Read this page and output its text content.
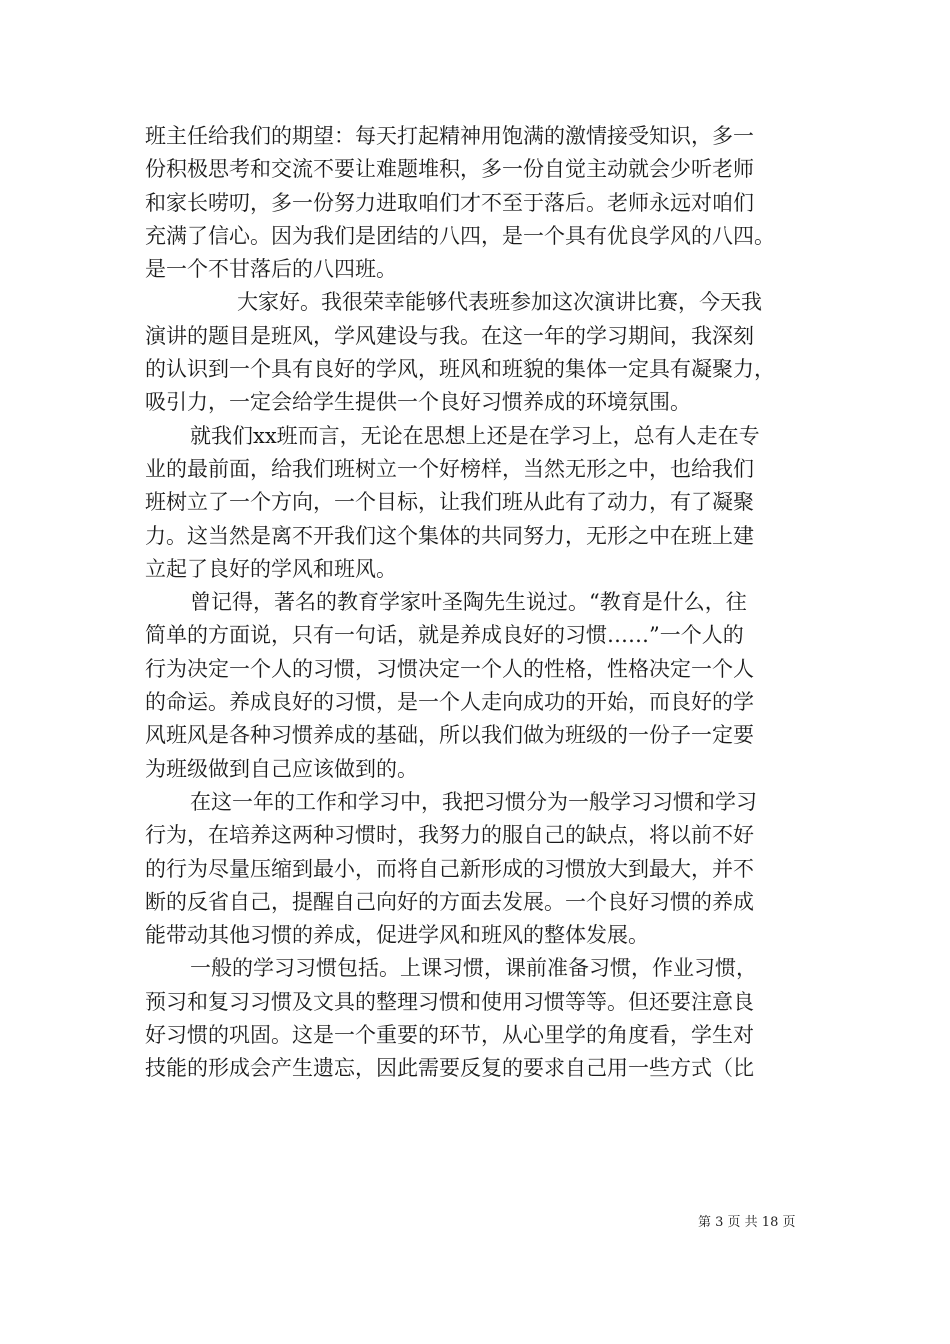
班主任给我们的期望：每天打起精神用饱满的激情接受知识，多一
份积极思考和交流不要让难题堆积，多一份自觉主动就会少听老师
和家长唠叨，多一份努力进取咱们才不至于落后。老师永远对咱们
充满了信心。因为我们是团结的八四，是一个具有优良学风的八四。
是一个不甘落后的八四班。
大家好。我很荣幸能够代表班参加这次演讲比赛，今天我
演讲的题目是班风，学风建设与我。在这一年的学习期间，我深刻
的认识到一个具有良好的学风，班风和班貌的集体一定具有凝聚力，
吸引力，一定会给学生提供一个良好习惯养成的环境氛围。
就我们xx班而言，无论在思想上还是在学习上，总有人走在专
业的最前面，给我们班树立一个好榜样，当然无形之中，也给我们
班树立了一个方向，一个目标，让我们班从此有了动力，有了凝聚
力。这当然是离不开我们这个集体的共同努力，无形之中在班上建
立起了良好的学风和班风。
曾记得，著名的教育学家叶圣陶先生说过。“教育是什么，往
简单的方面说，只有一句话，就是养成良好的习惯……”一个人的
行为决定一个人的习惯，习惯决定一个人的性格，性格决定一个人
的命运。养成良好的习惯，是一个人走向成功的开始，而良好的学
风班风是各种习惯养成的基础，所以我们做为班级的一份子一定要
为班级做到自己应该做到的。
在这一年的工作和学习中，我把习惯分为一般学习习惯和学习
行为，在培养这两种习惯时，我努力的服自己的缺点，将以前不好
的行为尽量压缩到最小，而将自己新形成的习惯放大到最大，并不
断的反省自己，提醒自己向好的方面去发展。一个良好习惯的养成
能带动其他习惯的养成，促进学风和班风的整体发展。
一般的学习习惯包括。上课习惯，课前准备习惯，作业习惯，
预习和复习习惯及文具的整理习惯和使用习惯等等。但还要注意良
好习惯的巩固。这是一个重要的环节，从心里学的角度看，学生对
技能的形成会产生遗忘，因此需要反复的要求自己用一些方式（比
第 3 页 共 18 页
